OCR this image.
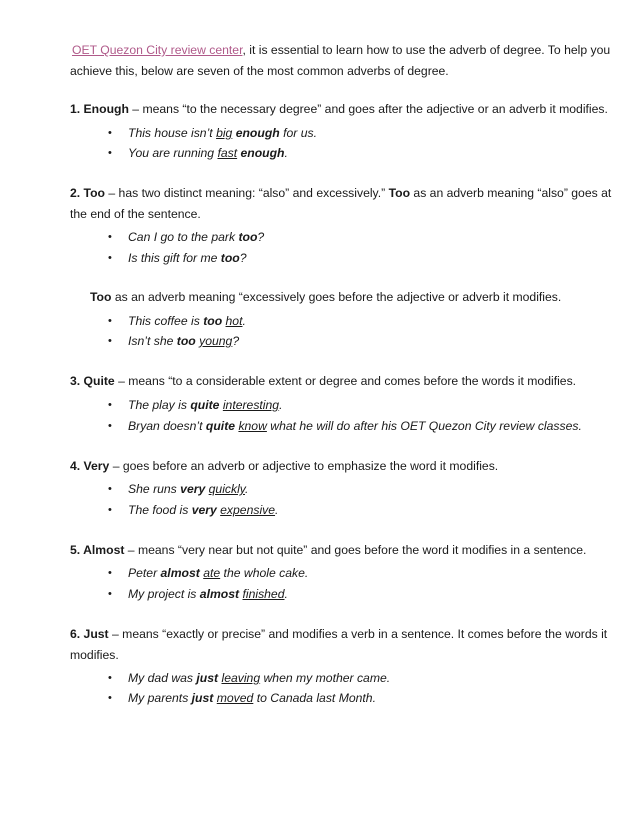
OET Quezon City review center, it is essential to learn how to use the adverb of degree. To help you
achieve this, below are seven of the most common adverbs of degree.
1. Enough – means “to the necessary degree” and goes after the adjective or an adverb it modifies.
• This house isn’t big enough for us.
• You are running fast enough.
2. Too – has two distinct meaning: “also” and excessively.” Too as an adverb meaning “also” goes at
the end of the sentence.
• Can I go to the park too?
• Is this gift for me too?
Too as an adverb meaning “excessively goes before the adjective or adverb it modifies.
• This coffee is too hot.
• Isn’t she too young?
3. Quite – means “to a considerable extent or degree and comes before the words it modifies.
• The play is quite interesting.
• Bryan doesn’t quite know what he will do after his OET Quezon City review classes.
4. Very – goes before an adverb or adjective to emphasize the word it modifies.
• She runs very quickly.
• The food is very expensive.
5. Almost – means “very near but not quite” and goes before the word it modifies in a sentence.
• Peter almost ate the whole cake.
• My project is almost finished.
6. Just – means “exactly or precise” and modifies a verb in a sentence. It comes before the words it
modifies.
• My dad was just leaving when my mother came.
• My parents just moved to Canada last Month.
